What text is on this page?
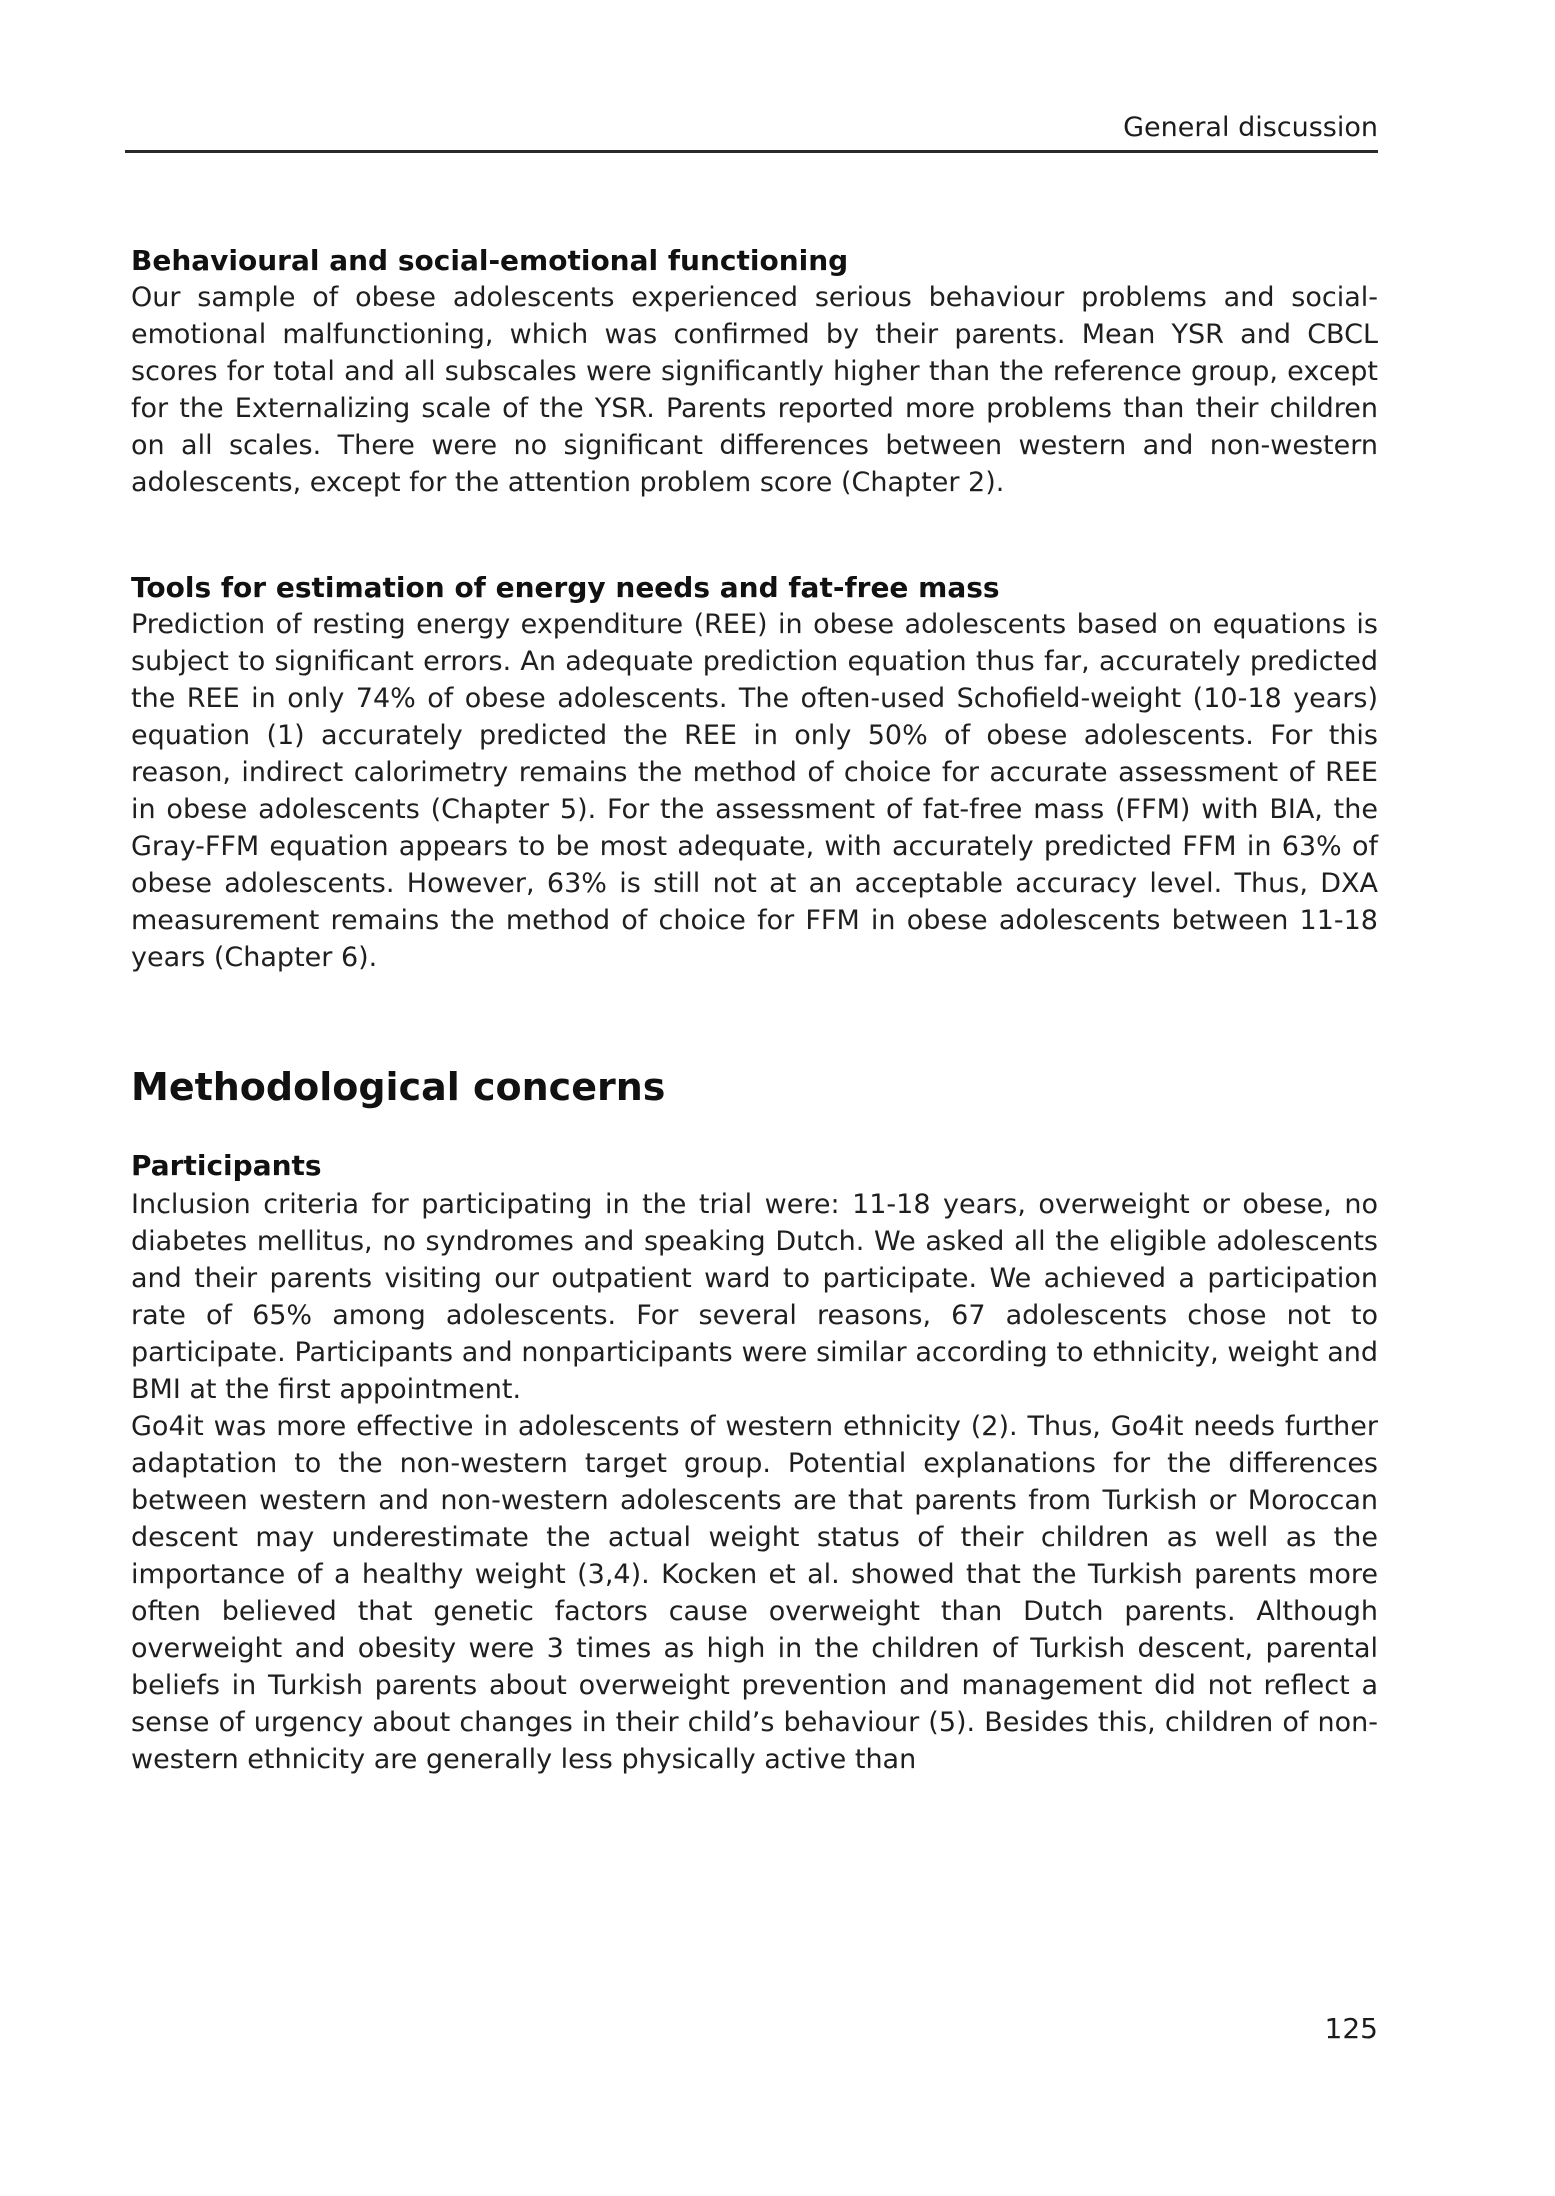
General discussion
Behavioural and social-emotional functioning

Our sample of obese adolescents experienced serious behaviour problems and social-emotional malfunctioning, which was confirmed by their parents. Mean YSR and CBCL scores for total and all subscales were significantly higher than the reference group, except for the Externalizing scale of the YSR. Parents reported more problems than their children on all scales. There were no significant differences between western and non-western adolescents, except for the attention problem score (Chapter 2).

Tools for estimation of energy needs and fat-free mass

Prediction of resting energy expenditure (REE) in obese adolescents based on equations is subject to significant errors. An adequate prediction equation thus far, accurately predicted the REE in only 74% of obese adolescents. The often-used Schofield-weight (10-18 years) equation (1) accurately predicted the REE in only 50% of obese adolescents. For this reason, indirect calorimetry remains the method of choice for accurate assessment of REE in obese adolescents (Chapter 5). For the assessment of fat-free mass (FFM) with BIA, the Gray-FFM equation appears to be most adequate, with accurately predicted FFM in 63% of obese adolescents. However, 63% is still not at an acceptable accuracy level. Thus, DXA measurement remains the method of choice for FFM in obese adolescents between 11-18 years (Chapter 6).

Methodological concerns
Participants

Inclusion criteria for participating in the trial were: 11-18 years, overweight or obese, no diabetes mellitus, no syndromes and speaking Dutch. We asked all the eligible adolescents and their parents visiting our outpatient ward to participate. We achieved a participation rate of 65% among adolescents. For several reasons, 67 adolescents chose not to participate. Participants and nonparticipants were similar according to ethnicity, weight and BMI at the first appointment.

Go4it was more effective in adolescents of western ethnicity (2). Thus, Go4it needs further adaptation to the non-western target group. Potential explanations for the differences between western and non-western adolescents are that parents from Turkish or Moroccan descent may underestimate the actual weight status of their children as well as the importance of a healthy weight (3,4). Kocken et al. showed that the Turkish parents more often believed that genetic factors cause overweight than Dutch parents. Although overweight and obesity were 3 times as high in the children of Turkish descent, parental beliefs in Turkish parents about overweight prevention and management did not reflect a sense of urgency about changes in their child’s behaviour (5). Besides this, children of non-western ethnicity are generally less physically active than

125
